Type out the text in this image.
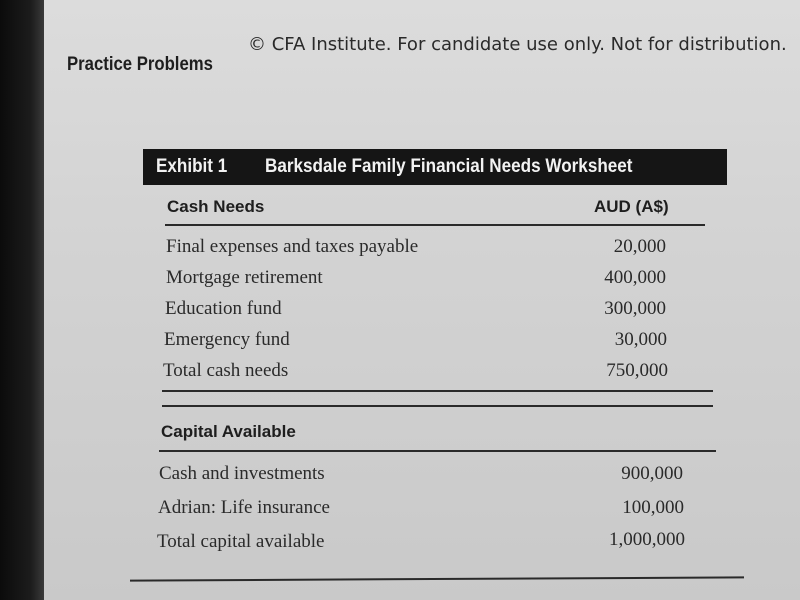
© CFA Institute. For candidate use only. Not for distribution.
Practice Problems
Exhibit 1 Barksdale Family Financial Needs Worksheet
Cash Needs	AUD (A$)
Final expenses and taxes payable	20,000
Mortgage retirement	400,000
Education fund	300,000
Emergency fund	30,000
Total cash needs	750,000
Capital Available
Cash and investments	900,000
Adrian: Life insurance	100,000
Total capital available	1,000,000
